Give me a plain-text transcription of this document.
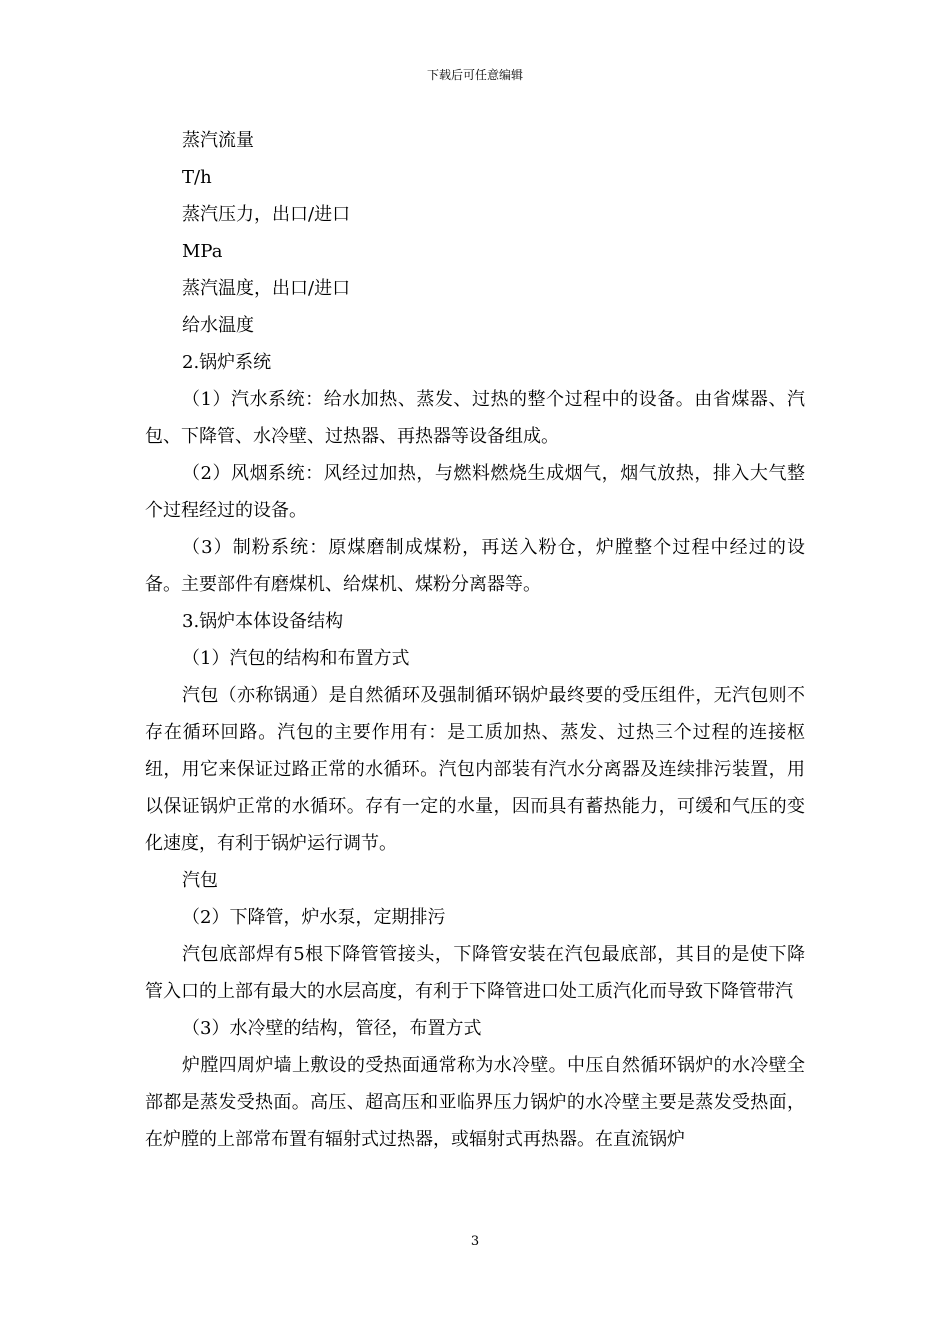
下载后可任意编辑

蒸汽流量

T/h

蒸汽压力，出口/进口

MPa

蒸汽温度，出口/进口

给水温度

2.锅炉系统

（1）汽水系统：给水加热、蒸发、过热的整个过程中的设备。由省煤器、汽包、下降管、水冷壁、过热器、再热器等设备组成。

（2）风烟系统：风经过加热，与燃料燃烧生成烟气，烟气放热，排入大气整个过程经过的设备。

（3）制粉系统：原煤磨制成煤粉，再送入粉仓，炉膛整个过程中经过的设备。主要部件有磨煤机、给煤机、煤粉分离器等。

3.锅炉本体设备结构

（1）汽包的结构和布置方式

汽包（亦称锅通）是自然循环及强制循环锅炉最终要的受压组件，无汽包则不存在循环回路。汽包的主要作用有：是工质加热、蒸发、过热三个过程的连接枢纽，用它来保证过路正常的水循环。汽包内部装有汽水分离器及连续排污装置，用以保证锅炉正常的水循环。存有一定的水量，因而具有蓄热能力，可缓和气压的变化速度，有利于锅炉运行调节。

汽包

（2）下降管，炉水泵，定期排污

汽包底部焊有5根下降管管接头，下降管安装在汽包最底部，其目的是使下降管入口的上部有最大的水层高度，有利于下降管进口处工质汽化而导致下降管带汽

（3）水冷壁的结构，管径，布置方式

炉膛四周炉墙上敷设的受热面通常称为水冷壁。中压自然循环锅炉的水冷壁全部都是蒸发受热面。高压、超高压和亚临界压力锅炉的水冷壁主要是蒸发受热面，在炉膛的上部常布置有辐射式过热器，或辐射式再热器。在直流锅炉

3
